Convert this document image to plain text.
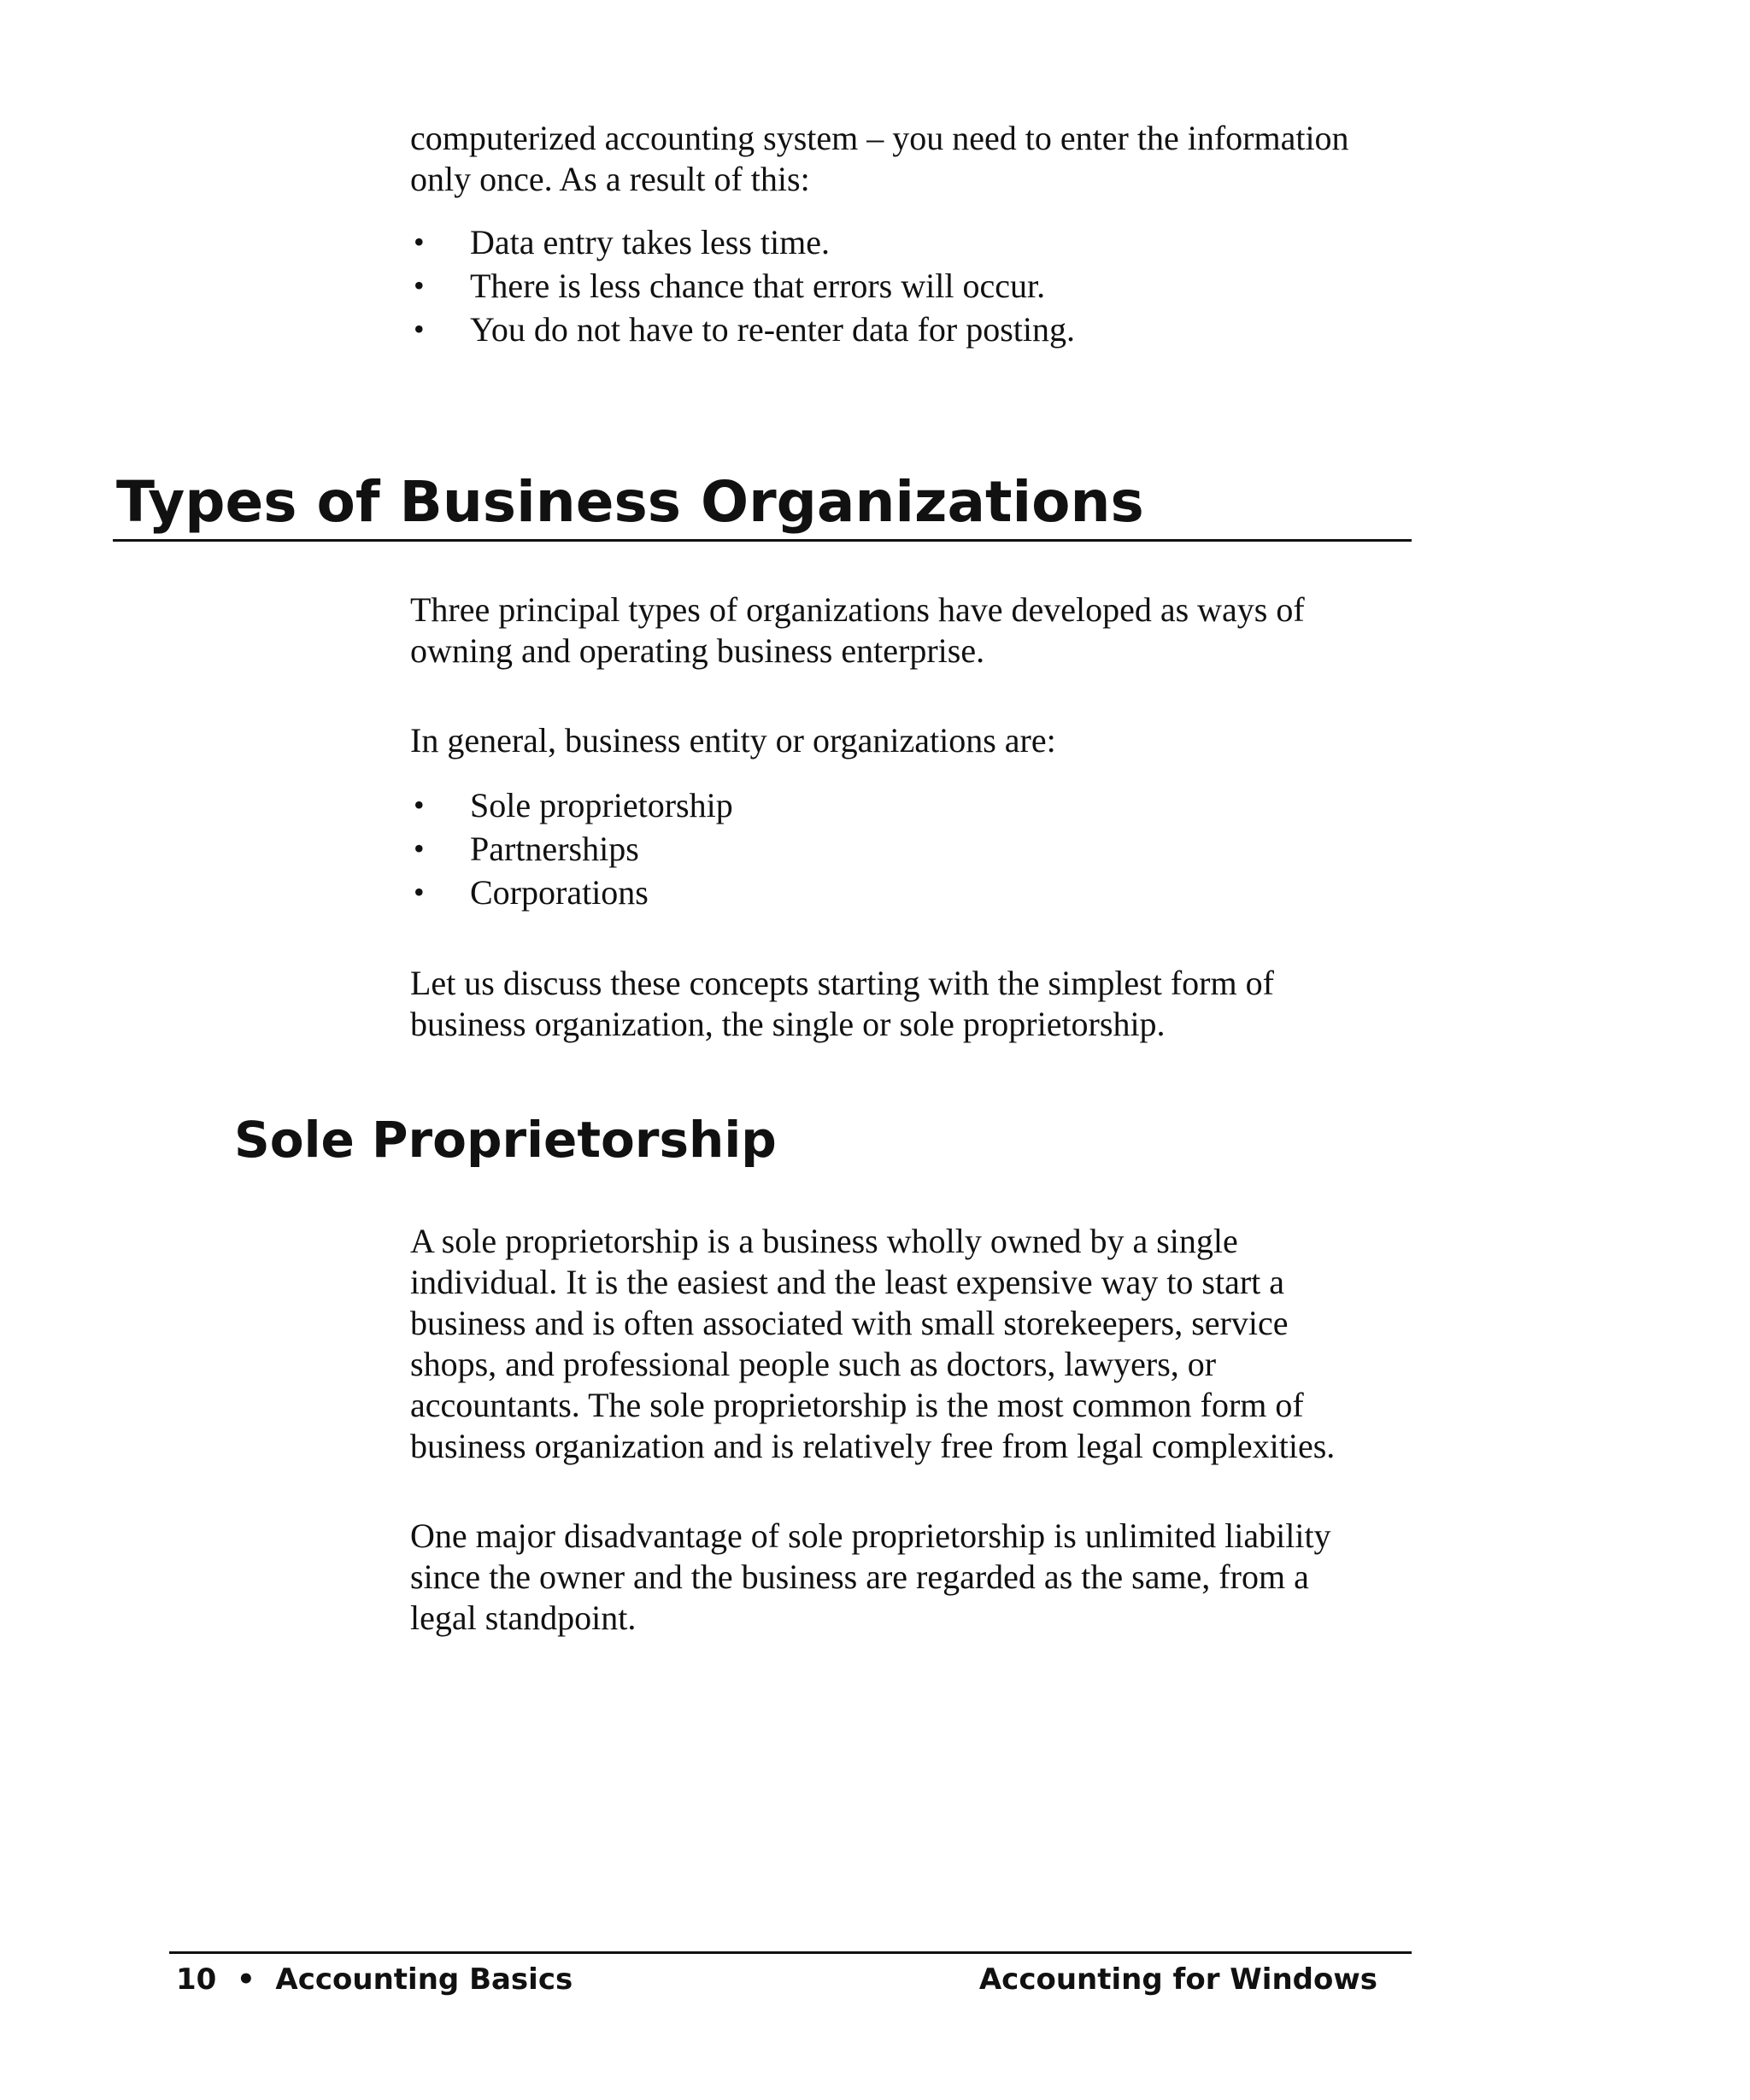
computerized accounting system – you need to enter the information
only once. As a result of this:

• Data entry takes less time.
• There is less chance that errors will occur.
• You do not have to re-enter data for posting.
Types of Business Organizations

Three principal types of organizations have developed as ways of
owning and operating business enterprise.

In general, business entity or organizations are:

• Sole proprietorship
• Partnerships
• Corporations

Let us discuss these concepts starting with the simplest form of
business organization, the single or sole proprietorship.

Sole Proprietorship

A sole proprietorship is a business wholly owned by a single
individual. It is the easiest and the least expensive way to start a
business and is often associated with small storekeepers, service
shops, and professional people such as doctors, lawyers, or
accountants. The sole proprietorship is the most common form of
business organization and is relatively free from legal complexities.

One major disadvantage of sole proprietorship is unlimited liability
since the owner and the business are regarded as the same, from a
legal standpoint.

10  •  Accounting Basics	Accounting for Windows
